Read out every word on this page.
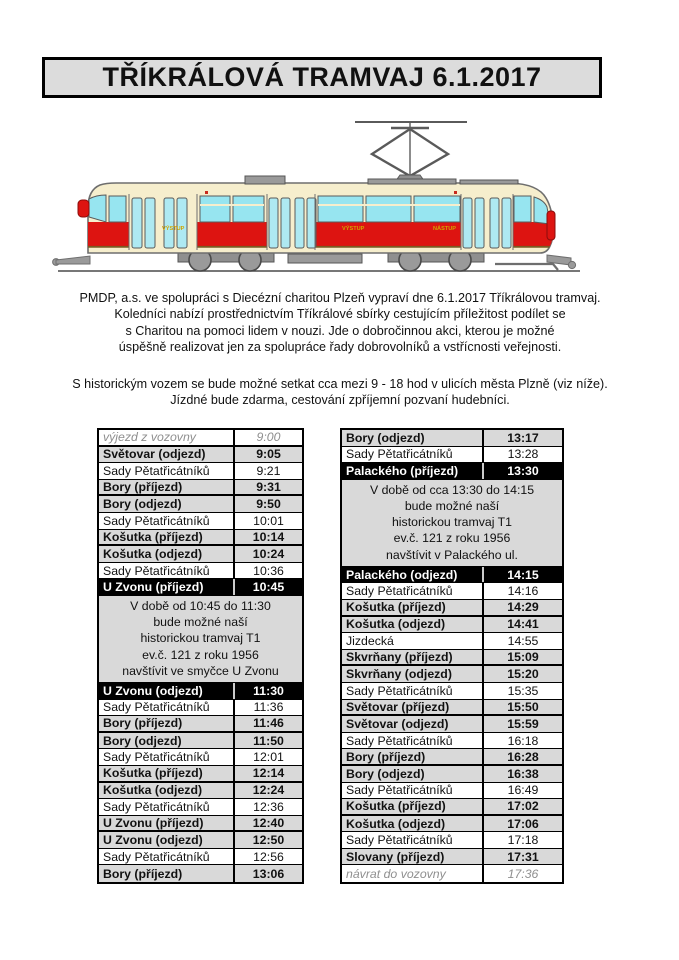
TŘÍKRÁLOVÁ TRAMVAJ 6.1.2017
VÝSTUP	VÝSTUP	NÁSTUP
PMDP, a.s. ve spolupráci s Diecézní charitou Plzeň vypraví dne 6.1.2017 Tříkrálovou tramvaj.
Koledníci nabízí prostřednictvím Tříkrálové sbírky cestujícím příležitost podílet se
s Charitou na pomoci lidem v nouzi. Jde o dobročinnou akci, kterou je možné
úspěšně realizovat jen za spolupráce řady dobrovolníků a vstřícnosti veřejnosti.
S historickým vozem se bude možné setkat cca mezi 9 - 18 hod v ulicích města Plzně (viz níže).
Jízdné bude zdarma, cestování zpříjemní pozvaní hudebníci.
výjezd z vozovny	9:00
Světovar (odjezd)	9:05
Sady Pětatřicátníků	9:21
Bory (příjezd)	9:31
Bory (odjezd)	9:50
Sady Pětatřicátníků	10:01
Košutka (příjezd)	10:14
Košutka (odjezd)	10:24
Sady Pětatřicátníků	10:36
U Zvonu (příjezd)	10:45
V době od 10:45 do 11:30
bude možné naší
historickou tramvaj T1
ev.č. 121 z roku 1956
navštívit ve smyčce U Zvonu
U Zvonu (odjezd)	11:30
Sady Pětatřicátníků	11:36
Bory (příjezd)	11:46
Bory (odjezd)	11:50
Sady Pětatřicátníků	12:01
Košutka (příjezd)	12:14
Košutka (odjezd)	12:24
Sady Pětatřicátníků	12:36
U Zvonu (příjezd)	12:40
U Zvonu (odjezd)	12:50
Sady Pětatřicátníků	12:56
Bory (příjezd)	13:06
Bory (odjezd)	13:17
Sady Pětatřicátníků	13:28
Palackého (příjezd)	13:30
V době od cca 13:30 do 14:15
bude možné naší
historickou tramvaj T1
ev.č. 121 z roku 1956
navštívit v Palackého ul.
Palackého (odjezd)	14:15
Sady Pětatřicátníků	14:16
Košutka (příjezd)	14:29
Košutka (odjezd)	14:41
Jizdecká	14:55
Skvrňany (příjezd)	15:09
Skvrňany (odjezd)	15:20
Sady Pětatřicátníků	15:35
Světovar (příjezd)	15:50
Světovar (odjezd)	15:59
Sady Pětatřicátníků	16:18
Bory (příjezd)	16:28
Bory (odjezd)	16:38
Sady Pětatřicátníků	16:49
Košutka (příjezd)	17:02
Košutka (odjezd)	17:06
Sady Pětatřicátníků	17:18
Slovany (příjezd)	17:31
návrat do vozovny	17:36
